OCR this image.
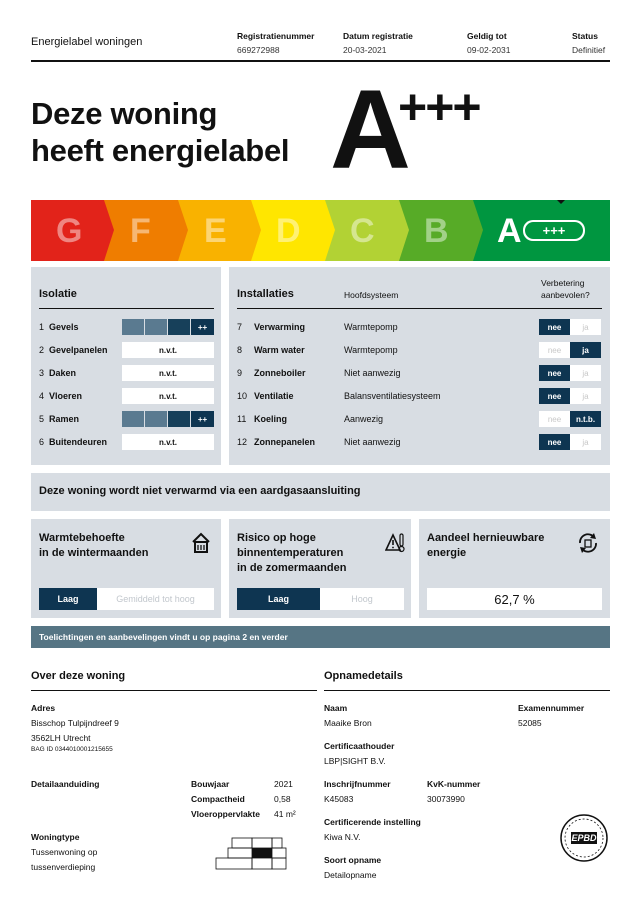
Energielabel woningen	Registratienummer
669272988
Datum registratie
20-03-2021
Geldig tot
09-02-2031
Status
Definitief
Deze woning
heeft energielabel A
+++
G F E D C B A	+++
Isolatie
1 Gevels	++
2 Gevelpanelen	n.v.t.
3 Daken	n.v.t.
4 Vloeren	n.v.t.
5 Ramen	++
6 Buitendeuren	n.v.t.
Installaties	Hoofdsysteem
Verbetering
aanbevolen?
7 Verwarming	Warmtepomp	nee	ja
8 Warm water	Warmtepomp	nee	ja
9 Zonneboiler	Niet aanwezig	nee	ja
10 Ventilatie	Balansventilatiesysteem	nee	ja
11 Koeling	Aanwezig	nee	n.t.b.
12 Zonnepanelen	Niet aanwezig	nee	ja
Deze woning wordt niet verwarmd via een aardgasaansluiting
Warmtebehoefte
in de wintermaanden
Laag	Gemiddeld tot hoog
Risico op hoge
binnentemperaturen
in de zomermaanden
Laag	Hoog
Aandeel hernieuwbare
energie
62,7 %
Toelichtingen en aanbevelingen vindt u op pagina 2 en verder
Over deze woning
Adres
Bisschop Tulpijndreef 9
3562LH Utrecht
BAG ID 0344010001215655
Detailaanduiding	Bouwjaar	2021
Compactheid	0,58
Vloeroppervlakte 41 m²
Woningtype
Tussenwoning op
tussenverdieping
Opnamedetails
Naam
Maaike Bron
Examennummer
52085
Certificaathouder
LBP|SIGHT B.V.
Inschrijfnummer
K45083
KvK-nummer
30073990
Certificerende instelling
Kiwa N.V.
Soort opname
Detailopname
EPBD
